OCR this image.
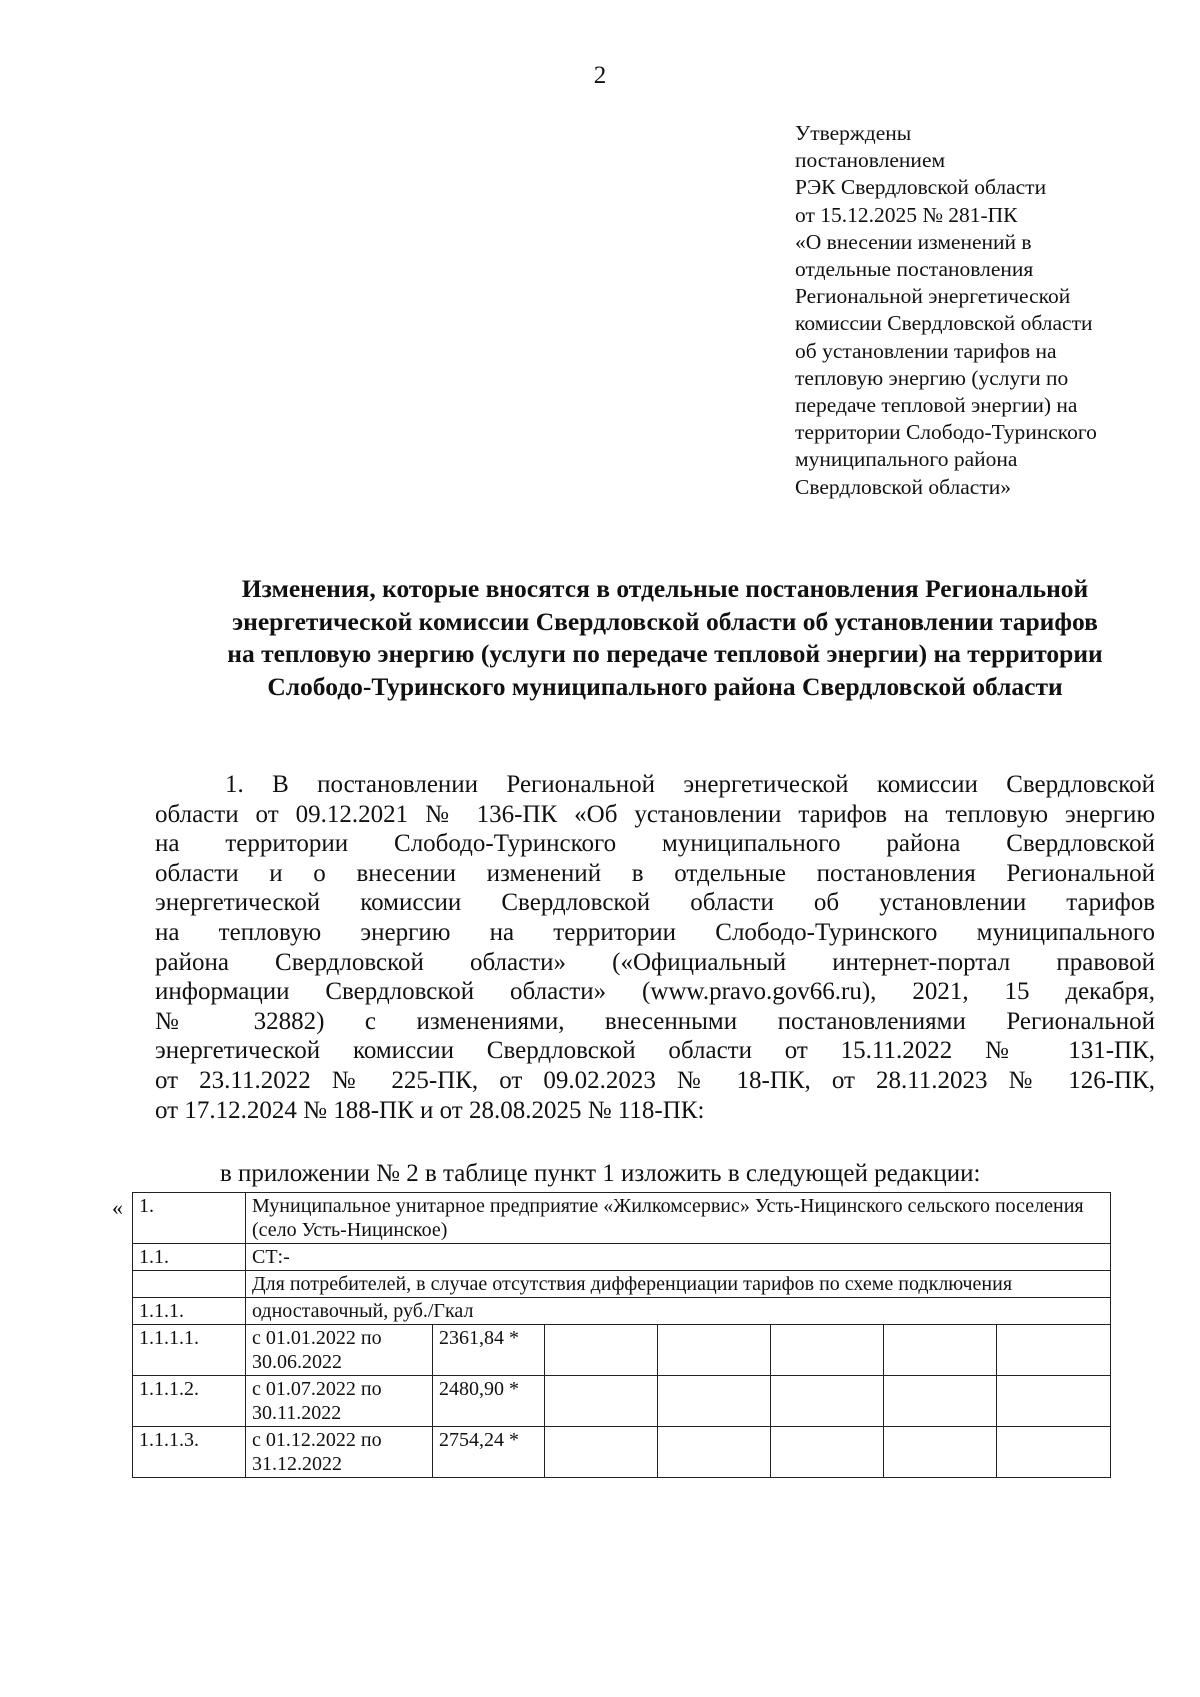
2
Утверждены
постановлением
РЭК Свердловской области
от 15.12.2025 № 281-ПК
«О внесении изменений в
отдельные постановления
Региональной энергетической
комиссии Свердловской области
об установлении тарифов на
тепловую энергию (услуги по
передаче тепловой энергии) на
территории Слободо-Туринского
муниципального района
Свердловской области»
Изменения, которые вносятся в отдельные постановления Региональной
энергетической комиссии Свердловской области об установлении тарифов
на тепловую энергию (услуги по передаче тепловой энергии) на территории
Слободо-Туринского муниципального района Свердловской области
1. В постановлении Региональной энергетической комиссии Свердловской
области от 09.12.2021 № 136-ПК «Об установлении тарифов на тепловую энергию
на территории Слободо-Туринского муниципального района Свердловской
области и о внесении изменений в отдельные постановления Региональной
энергетической комиссии Свердловской области об установлении тарифов
на тепловую энергию на территории Слободо-Туринского муниципального
района Свердловской области» («Официальный интернет-портал правовой
информации Свердловской области» (www.pravo.gov66.ru), 2021, 15 декабря,
№ 32882) с изменениями, внесенными постановлениями Региональной
энергетической комиссии Свердловской области от 15.11.2022 № 131-ПК,
от 23.11.2022 № 225-ПК, от 09.02.2023 № 18-ПК, от 28.11.2023 № 126-ПК,
от 17.12.2024 № 188-ПК и от 28.08.2025 № 118-ПК:
в приложении № 2 в таблице пункт 1 изложить в следующей редакции:
« 1.	Муниципальное унитарное предприятие «Жилкомсервис» Усть-Ницинского сельского поселения (село Усть-Ницинское)						
1.1.	СТ:-						
	Для потребителей, в случае отсутствия дифференциации тарифов по схеме подключения						
1.1.1.	одноставочный, руб./Гкал						
1.1.1.1.	с 01.01.2022 по 30.06.2022	2361,84 *					
1.1.1.2.	с 01.07.2022 по 30.11.2022	2480,90 *					
1.1.1.3.	с 01.12.2022 по 31.12.2022	2754,24 *					
